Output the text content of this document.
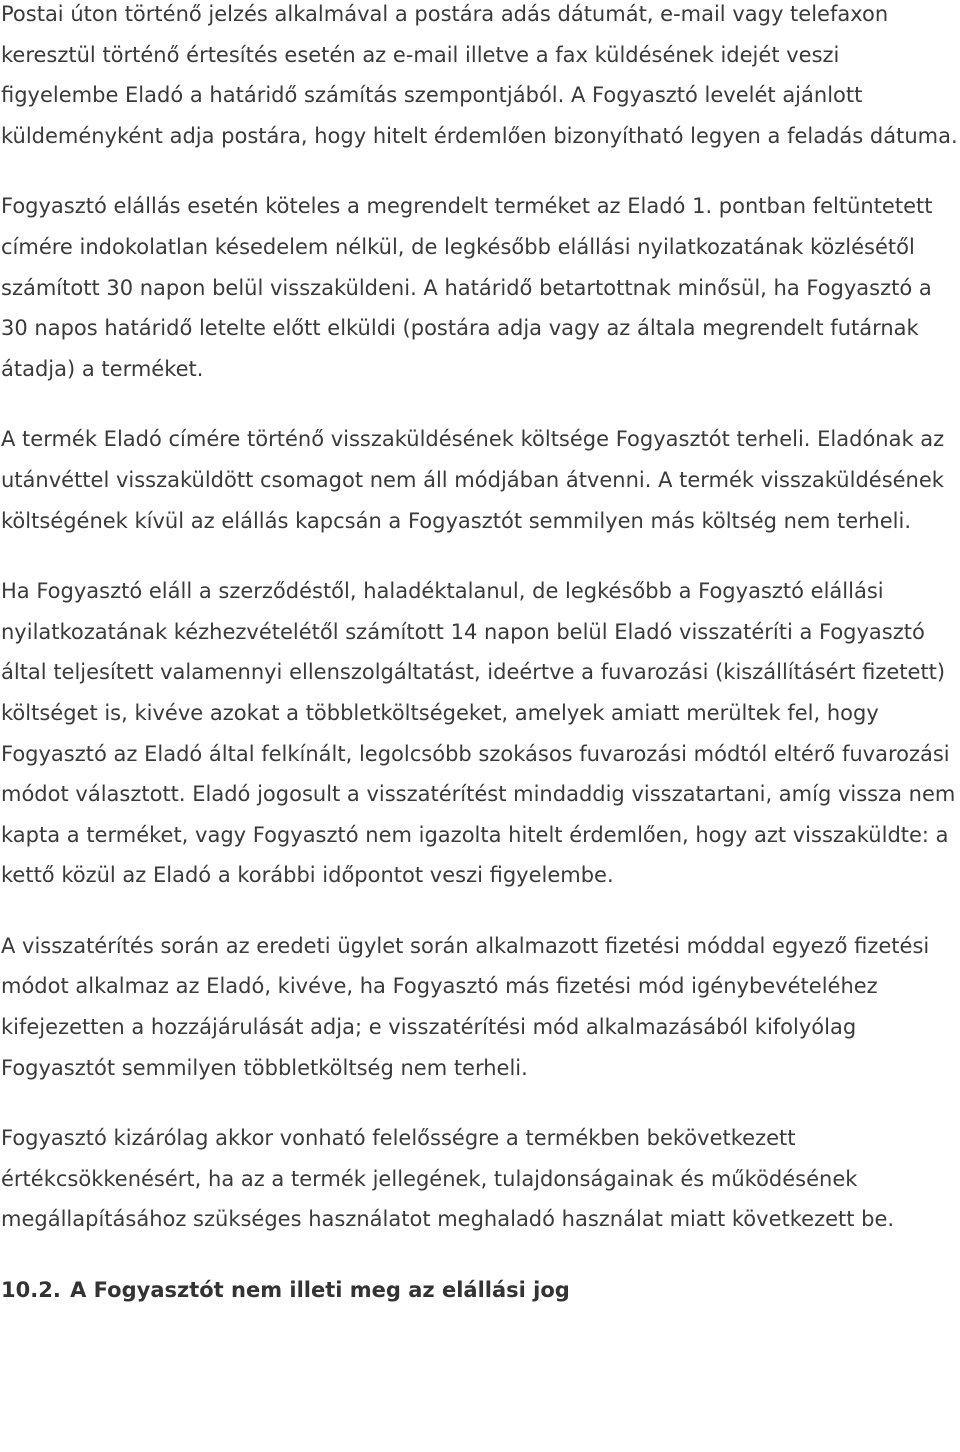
Postai úton történő jelzés alkalmával a postára adás dátumát, e-mail vagy telefaxon keresztül történő értesítés esetén az e-mail illetve a fax küldésének idejét veszi figyelembe Eladó a határidő számítás szempontjából. A Fogyasztó levelét ajánlott küldeményként adja postára, hogy hitelt érdemlően bizonyítható legyen a feladás dátuma.

Fogyasztó elállás esetén köteles a megrendelt terméket az Eladó 1. pontban feltüntetett címére indokolatlan késedelem nélkül, de legkésőbb elállási nyilatkozatának közlésétől számított 30 napon belül visszaküldeni. A határidő betartottnak minősül, ha Fogyasztó a 30 napos határidő letelte előtt elküldi (postára adja vagy az általa megrendelt futárnak átadja) a terméket.

A termék Eladó címére történő visszaküldésének költsége Fogyasztót terheli. Eladónak az utánvéttel visszaküldött csomagot nem áll módjában átvenni. A termék visszaküldésének költségének kívül az elállás kapcsán a Fogyasztót semmilyen más költség nem terheli.

Ha Fogyasztó eláll a szerződéstől, haladéktalanul, de legkésőbb a Fogyasztó elállási nyilatkozatának kézhezvételétől számított 14 napon belül Eladó visszatéríti a Fogyasztó által teljesített valamennyi ellenszolgáltatást, ideértve a fuvarozási (kiszállításért fizetett) költséget is, kivéve azokat a többletköltségeket, amelyek amiatt merültek fel, hogy Fogyasztó az Eladó által felkínált, legolcsóbb szokásos fuvarozási módtól eltérő fuvarozási módot választott. Eladó jogosult a visszatérítést mindaddig visszatartani, amíg vissza nem kapta a terméket, vagy Fogyasztó nem igazolta hitelt érdemlően, hogy azt visszaküldte: a kettő közül az Eladó a korábbi időpontot veszi figyelembe.

A visszatérítés során az eredeti ügylet során alkalmazott fizetési móddal egyező fizetési módot alkalmaz az Eladó, kivéve, ha Fogyasztó más fizetési mód igénybevételéhez kifejezetten a hozzájárulását adja; e visszatérítési mód alkalmazásából kifolyólag Fogyasztót semmilyen többletköltség nem terheli.

Fogyasztó kizárólag akkor vonható felelősségre a termékben bekövetkezett értékcsökkenésért, ha az a termék jellegének, tulajdonságainak és működésének megállapításához szükséges használatot meghaladó használat miatt következett be.

10.2. A Fogyasztót nem illeti meg az elállási jog
